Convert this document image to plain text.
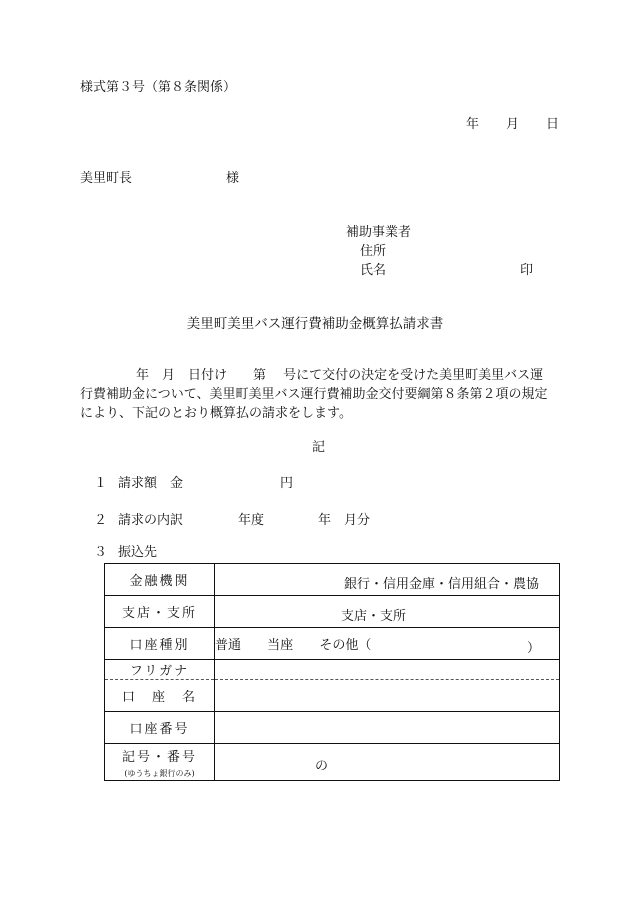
様式第３号（第８条関係）
年 月 日
美里町長	様
補助事業者
住所
氏名	印
美里町美里バス運行費補助金概算払請求書
年　月　日付け　　第　 号にて交付の決定を受けた美里町美里バス運
行費補助金について、美里町美里バス運行費補助金交付要綱第８条第２項の規定
により、下記のとおり概算払の請求をします。
記
１ 請求額　金	円
２ 請求の内訳	年度	年　月分
３ 振込先
金融機関	銀行・信用金庫・信用組合・農協

支店・支所	支店・支所

口座種別	普通 当座 その他（ ）

フリガナ	
口　座　名	
口座番号	
記号・番号
(ゆうちょ銀行のみ)	の
